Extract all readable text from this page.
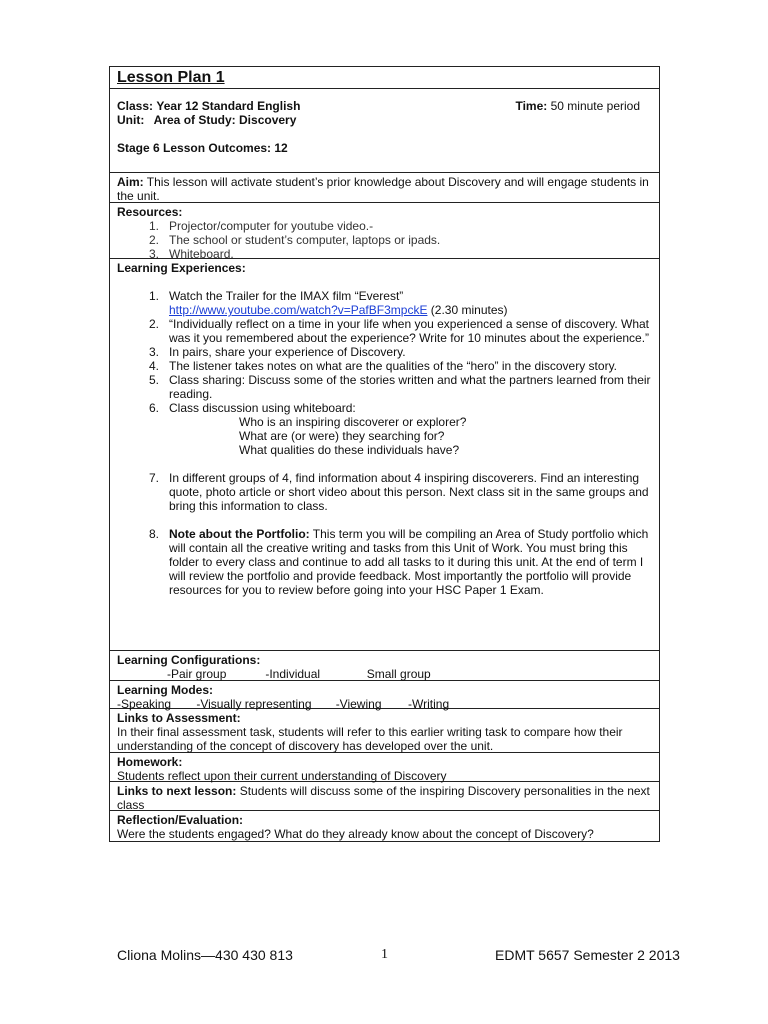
Lesson Plan 1
Class: Year 12 Standard English	Time: 50 minute period
Unit: Area of Study: Discovery
Stage 6 Lesson Outcomes: 12
Aim: This lesson will activate student’s prior knowledge about Discovery and will engage students in the unit.
Resources:
1. Projector/computer for youtube video.-
2. The school or student’s computer, laptops or ipads.
3. Whiteboard.
Learning Experiences:
1. Watch the Trailer for the IMAX film “Everest”
http://www.youtube.com/watch?v=PafBF3mpckE (2.30 minutes)
2. “Individually reflect on a time in your life when you experienced a sense of discovery. What was it you remembered about the experience? Write for 10 minutes about the experience.”
3. In pairs, share your experience of Discovery.
4. The listener takes notes on what are the qualities of the “hero” in the discovery story.
5. Class sharing: Discuss some of the stories written and what the partners learned from their reading.
6. Class discussion using whiteboard:
Who is an inspiring discoverer or explorer?
What are (or were) they searching for?
What qualities do these individuals have?
7. In different groups of 4, find information about 4 inspiring discoverers. Find an interesting quote, photo article or short video about this person. Next class sit in the same groups and bring this information to class.
8. Note about the Portfolio: This term you will be compiling an Area of Study portfolio which will contain all the creative writing and tasks from this Unit of Work. You must bring this folder to every class and continue to add all tasks to it during this unit. At the end of term I will review the portfolio and provide feedback. Most importantly the portfolio will provide resources for you to review before going into your HSC Paper 1 Exam.
Learning Configurations:
-Pair group	-Individual	Small group
Learning Modes:
-Speaking -Visually representing -Viewing -Writing
Links to Assessment:
In their final assessment task, students will refer to this earlier writing task to compare how their understanding of the concept of discovery has developed over the unit.
Homework:
Students reflect upon their current understanding of Discovery
Links to next lesson: Students will discuss some of the inspiring Discovery personalities in the next class
Reflection/Evaluation:
Were the students engaged? What do they already know about the concept of Discovery?
Cliona Molins—430 430 813	1	EDMT 5657 Semester 2 2013
